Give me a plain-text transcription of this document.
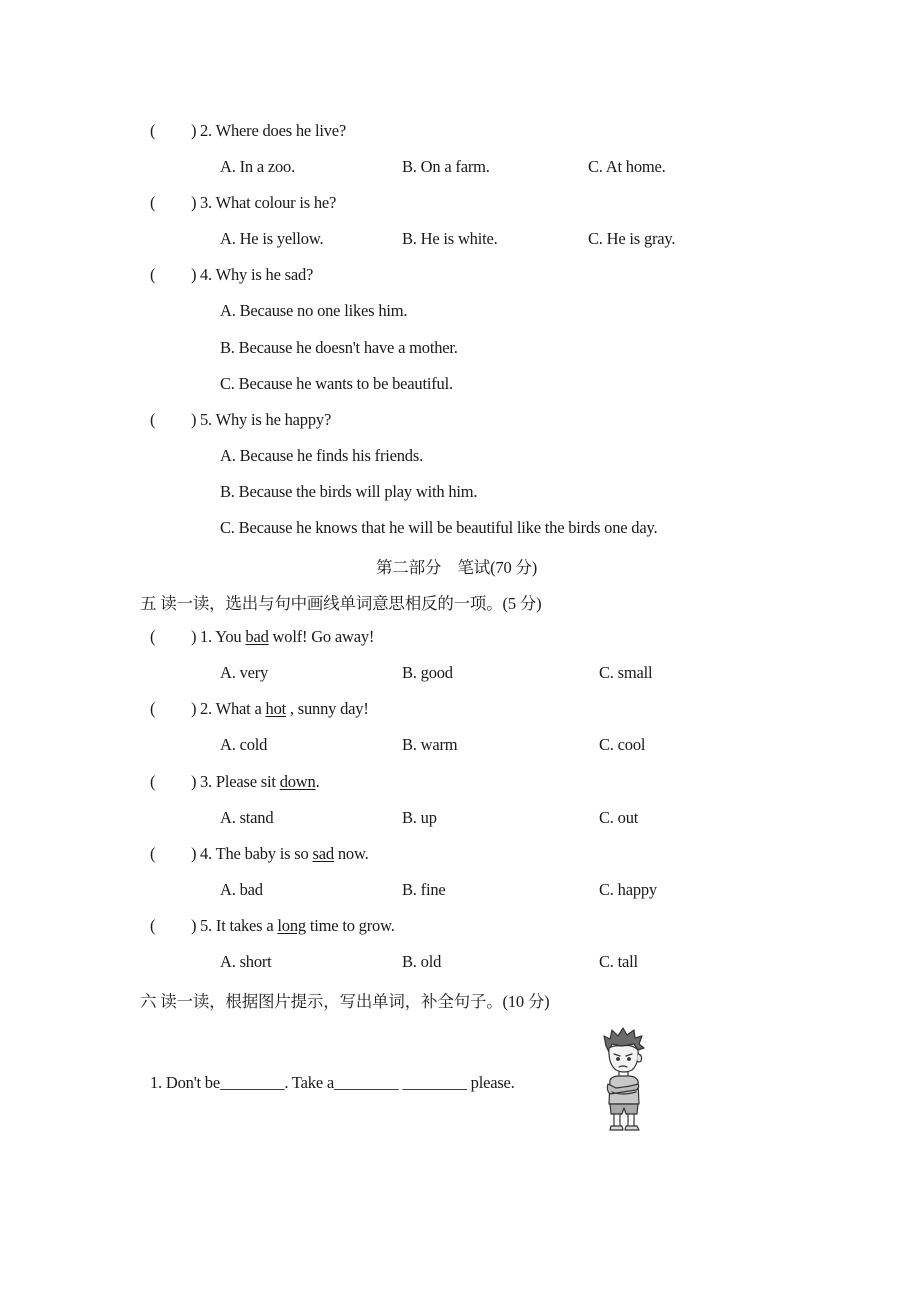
( ) 2. Where does he live?
A. In a zoo.	B. On a farm.	C. At home.
( ) 3. What colour is he?
A. He is yellow.	B. He is white.	C. He is gray.
( ) 4. Why is he sad?
A. Because no one likes him.
B. Because he doesn't have a mother.
C. Because he wants to be beautiful.
( ) 5. Why is he happy?
A. Because he finds his friends.
B. Because the birds will play with him.
C. Because he knows that he will be beautiful like the birds one day.
第二部分　笔试(70 分)
五 读一读，选出与句中画线单词意思相反的一项。(5 分)
( ) 1. You bad wolf! Go away!
A. very	B. good	C. small
( ) 2. What a hot , sunny day!
A. cold	B. warm	C. cool
( ) 3. Please sit down.
A. stand	B. up	C. out
( ) 4. The baby is so sad now.
A. bad	B. fine	C. happy
( ) 5. It takes a long time to grow.
A. short	B. old	C. tall
六 读一读，根据图片提示，写出单词，补全句子。(10 分)
1. Don't be________. Take a________ ________ please.
